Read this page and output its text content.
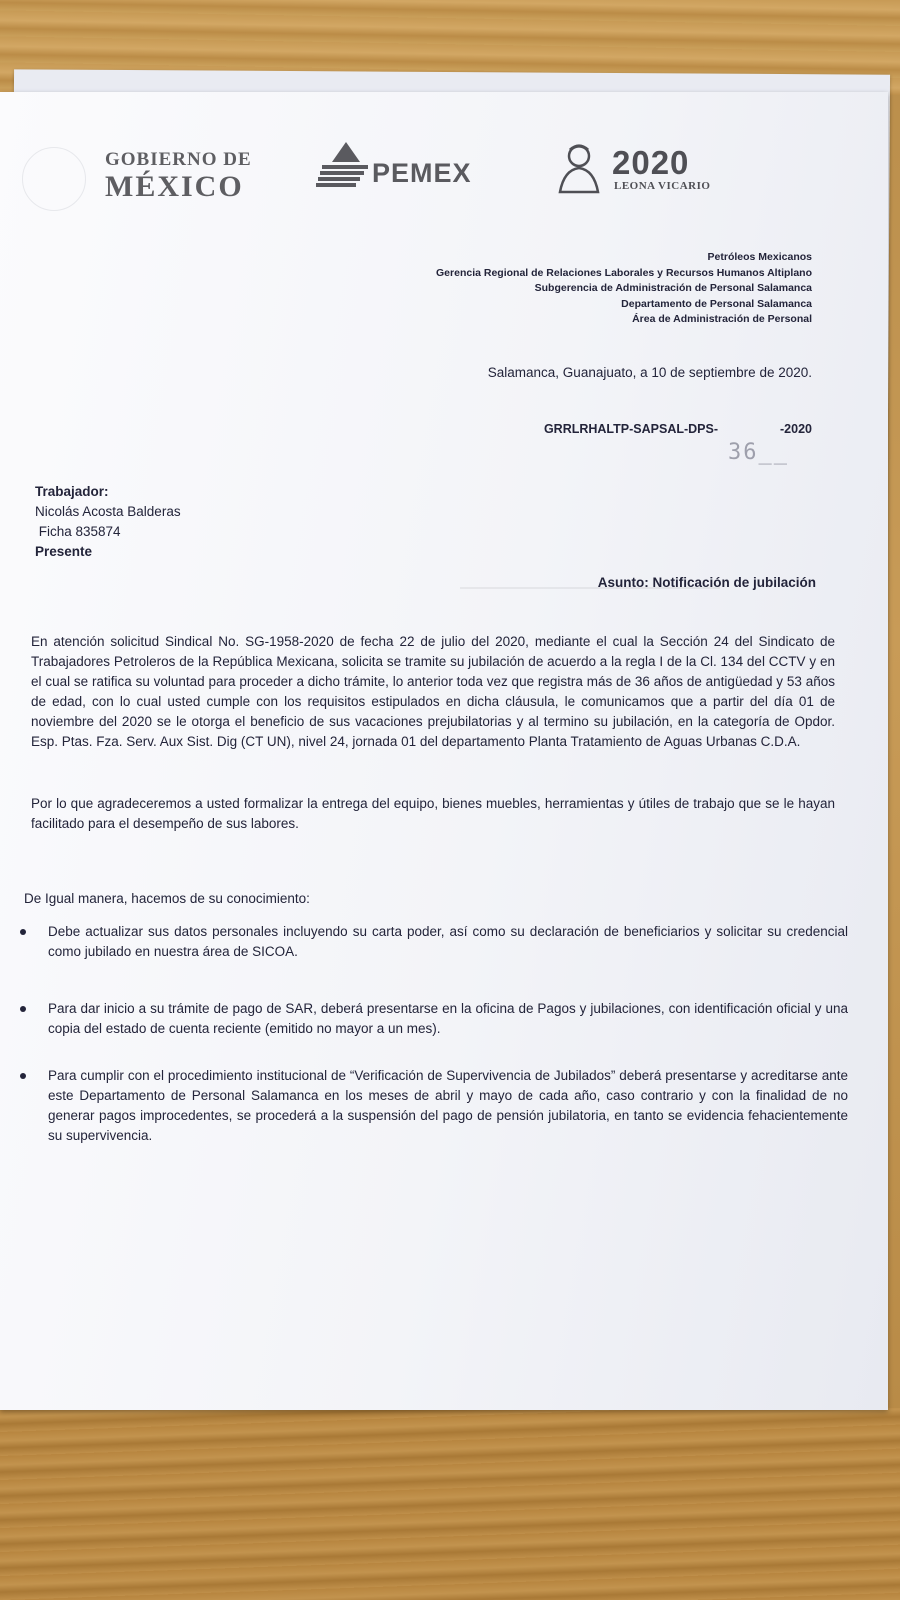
GOBIERNO DE
MÉXICO	PEMEX	2020
LEONA VICARIO
Petróleos Mexicanos
Gerencia Regional de Relaciones Laborales y Recursos Humanos Altiplano
Subgerencia de Administración de Personal Salamanca
Departamento de Personal Salamanca
Área de Administración de Personal
Salamanca, Guanajuato, a 10 de septiembre de 2020.
GRRLRHALTP-SAPSAL-DPS-	-2020
36__
Trabajador:
Nicolás Acosta Balderas
Ficha 835874
Presente
Asunto: Notificación de jubilación
En atención solicitud Sindical No. SG-1958-2020 de fecha 22 de julio del 2020, mediante el cual la Sección 24 del Sindicato de Trabajadores Petroleros de la República Mexicana, solicita se tramite su jubilación de acuerdo a la regla I de la Cl. 134 del CCTV y en el cual se ratifica su voluntad para proceder a dicho trámite, lo anterior toda vez que registra más de 36 años de antigüedad y 53 años de edad, con lo cual usted cumple con los requisitos estipulados en dicha cláusula, le comunicamos que a partir del día 01 de noviembre del 2020 se le otorga el beneficio de sus vacaciones prejubilatorias y al termino su jubilación, en la categoría de Opdor. Esp. Ptas. Fza. Serv. Aux Sist. Dig (CT UN), nivel 24, jornada 01 del departamento Planta Tratamiento de Aguas Urbanas C.D.A.
Por lo que agradeceremos a usted formalizar la entrega del equipo, bienes muebles, herramientas y útiles de trabajo que se le hayan facilitado para el desempeño de sus labores.
De Igual manera, hacemos de su conocimiento:
Debe actualizar sus datos personales incluyendo su carta poder, así como su declaración de beneficiarios y solicitar su credencial como jubilado en nuestra área de SICOA.
Para dar inicio a su trámite de pago de SAR, deberá presentarse en la oficina de Pagos y jubilaciones, con identificación oficial y una copia del estado de cuenta reciente (emitido no mayor a un mes).
Para cumplir con el procedimiento institucional de “Verificación de Supervivencia de Jubilados” deberá presentarse y acreditarse ante este Departamento de Personal Salamanca en los meses de abril y mayo de cada año, caso contrario y con la finalidad de no generar pagos improcedentes, se procederá a la suspensión del pago de pensión jubilatoria, en tanto se evidencia fehacientemente su supervivencia.
